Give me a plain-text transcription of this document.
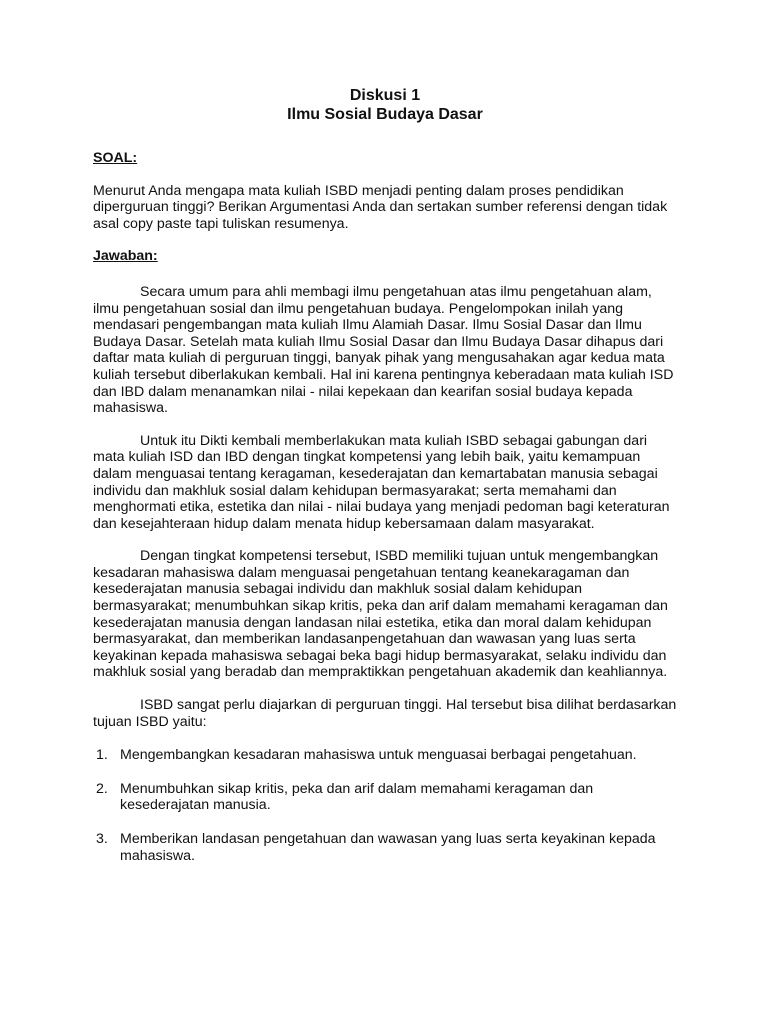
Diskusi 1

Ilmu Sosial Budaya Dasar

SOAL:

Menurut Anda mengapa mata kuliah ISBD menjadi penting dalam proses pendidikan diperguruan tinggi? Berikan Argumentasi Anda dan sertakan sumber referensi dengan tidak asal copy paste tapi tuliskan resumenya.

Jawaban:

Secara umum para ahli membagi ilmu pengetahuan atas ilmu pengetahuan alam, ilmu pengetahuan sosial dan ilmu pengetahuan budaya. Pengelompokan inilah yang mendasari pengembangan mata kuliah Ilmu Alamiah Dasar. Ilmu Sosial Dasar dan Ilmu Budaya Dasar. Setelah mata kuliah Ilmu Sosial Dasar dan Ilmu Budaya Dasar dihapus dari daftar mata kuliah di perguruan tinggi, banyak pihak yang mengusahakan agar kedua mata kuliah tersebut diberlakukan kembali. Hal ini karena pentingnya keberadaan mata kuliah ISD dan IBD dalam menanamkan nilai - nilai kepekaan dan kearifan sosial budaya kepada mahasiswa.

Untuk itu Dikti kembali memberlakukan mata kuliah ISBD sebagai gabungan dari mata kuliah ISD dan IBD dengan tingkat kompetensi yang lebih baik, yaitu kemampuan dalam menguasai tentang keragaman, kesederajatan dan kemartabatan manusia sebagai individu dan makhluk sosial dalam kehidupan bermasyarakat; serta memahami dan menghormati etika, estetika dan nilai - nilai budaya yang menjadi pedoman bagi keteraturan dan kesejahteraan hidup dalam menata hidup kebersamaan dalam masyarakat.

Dengan tingkat kompetensi tersebut, ISBD memiliki tujuan untuk mengembangkan kesadaran mahasiswa dalam menguasai pengetahuan tentang keanekaragaman dan kesederajatan manusia sebagai individu dan makhluk sosial dalam kehidupan bermasyarakat; menumbuhkan sikap kritis, peka dan arif dalam memahami keragaman dan kesederajatan manusia dengan landasan nilai estetika, etika dan moral dalam kehidupan bermasyarakat, dan memberikan landasanpengetahuan dan wawasan yang luas serta keyakinan kepada mahasiswa sebagai beka bagi hidup bermasyarakat, selaku individu dan makhluk sosial yang beradab dan mempraktikkan pengetahuan akademik dan keahliannya.

ISBD sangat perlu diajarkan di perguruan tinggi. Hal tersebut bisa dilihat berdasarkan tujuan ISBD yaitu:

1. Mengembangkan kesadaran mahasiswa untuk menguasai berbagai pengetahuan.
2. Menumbuhkan sikap kritis, peka dan arif dalam memahami keragaman dan kesederajatan manusia.
3. Memberikan landasan pengetahuan dan wawasan yang luas serta keyakinan kepada mahasiswa.
